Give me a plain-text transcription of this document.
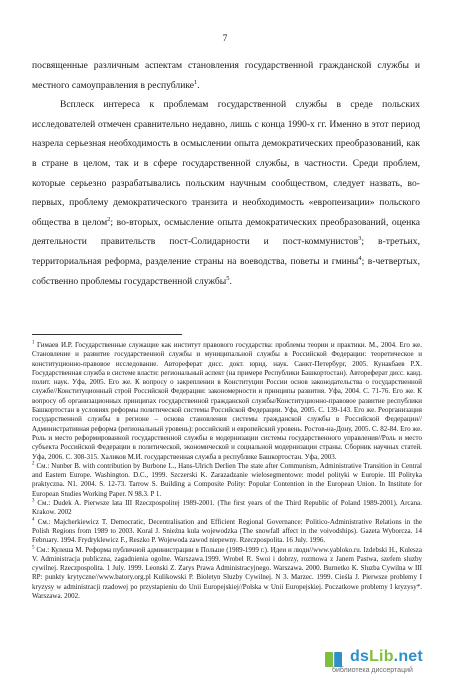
7

посвященные различным аспектам становления государственной гражданской службы и местного самоуправления в республике$^1$.

Всплеск интереса к проблемам государственной службы в среде польских исследователей отмечен сравнительно недавно, лишь с конца 1990-х гг. Именно в этот период назрела серьезная необходимость в осмыслении опыта демократических преобразований, как в стране в целом, так и в сфере государственной службы, в частности. Среди проблем, которые серьезно разрабатывались польским научным сообществом, следует назвать, во-первых, проблему демократического транзита и необходимость «европеизации» польского общества в целом$^2$; во-вторых, осмысление опыта демократических преобразований, оценка деятельности правительств пост-Солидарности и пост-коммунистов$^3$; в-третьих, территориальная реформа, разделение страны на воеводства, поветы и гмины$^4$; в-четвертых, собственно проблемы государственной службы$^5$.

$^1$ Гимаев И.Р. Государственные служащие как институт правового государства: проблемы теории и практики. М., 2004. Его же. Становление и развитие государственной службы и муниципальной службы в Российской Федерации: теоретическое и конституционно-правовое исследование. Автореферат дисс. докт. юрид. наук. Санкт-Петербург, 2005. Кунакбаев Р.Х. Государственная служба в системе власти: региональный аспект (на примере Республики Башкортостан). Автореферат дисс. канд. полит. наук. Уфа, 2005. Его же. К вопросу о закреплении в Конституции России основ законодательства о государственной службе//Конституционный строй Российской Федерации: закономерности и принципы развития. Уфа, 2004. С. 71-76. Его же. К вопросу об организационных принципах государственной гражданской службы/Конституционно-правовое развитие республики Башкортостан в условиях реформы политической системы Российской Федерации. Уфа, 2005. С. 139-143. Его же. Реорганизация государственной службы в регионе – основа становления системы гражданской службы в Российской Федерации//Административная реформа (региональный уровень): российский и европейский уровень. Ростов-на-Дону, 2005. С. 82-84. Его же. Роль и место реформированной государственной службы в модернизации системы государственного управления//Роль и место субъекта Российской Федерации в политической, экономической и социальной модернизации страны. Сборник научных статей. Уфа, 2006. С. 308-315. Халиков М.И. государственная служба в республике Башкортостан. Уфа, 2003.

$^2$ См.: Nunber B. with contribution by Burbone L., Hans-Ulrich Derlien The state after Communism, Administrative Transition in Central and Eastern Europe. Washington. D.C., 1999. Szczerski K. Zarazadzanie wielosegmentowe: model polityki w Europie. III Polityka praktyczna. N1. 2004. S. 12-73. Tarrow S. Building a Composite Polity: Popular Contention in the European Union. In Institute for European Studies Working Paper. N 98.3. P 1.

$^3$ См.: Dudek A. Pierwsze lata III Rzeczpospolitej 1989-2001. (The first years of the Third Republic of Poland 1989-2001). Arcana. Krakow. 2002

$^4$ См.: Majcherkiewicz T. Democratic, Decentralisation and Efficient Regional Governance: Politico-Administrative Relations in the Polish Regions from 1989 to 2003. Koral J. Snieźna kula wojewodzka (The snowfall affect in the voivodships). Gazeta Wyborcza. 14 February. 1994. Frydryklewicz F., Reszko P. Wojewoda zawod niepewny. Rzeczpospolita. 16 July. 1996.

$^5$ См.: Кулеша М. Реформа публичной администрации в Польше (1989-1999 г.). Идеи и люди//www.yabloko.ru. Izdebski H., Kulesza V. Administracja publiczna, zagadnienia ogolne. Warszawa.1999. Wrobel R. Swoi i dobrzy, rozmowa z Janem Pastwa, szefem sluzby cywilnej. Rzeczpospolita. 1 July. 1999. Leonski Z. Zarys Prawa Administracyjnego. Warszawa. 2000. Burnetko K. Sluzba Cywilna w III RP: punkty krytyczne//www.batory.org.pl Kulikowski P. Bioletyn Sluzby Cywilnej. N 3. Marzec. 1999. Cieśla J. Pierwsze problemy I kryzysy w administracji rzadowej po przystapieniu do Unii Europejskiej//Polska w Unii Europejskiej. Poczatkowe problemy I kryzysy*. Warszawa. 2002.

dsLib.net
библиотека диссертаций
